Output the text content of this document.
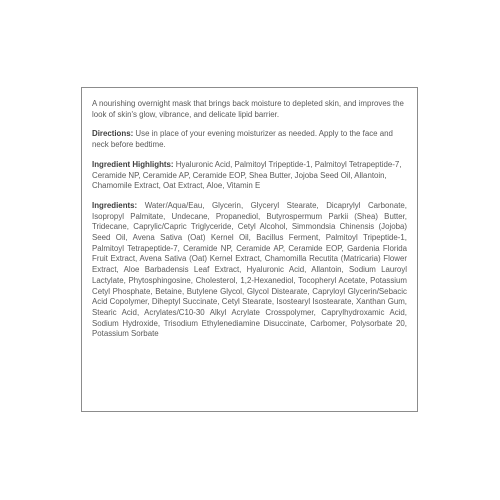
A nourishing overnight mask that brings back moisture to depleted skin, and improves the look of skin's glow, vibrance, and delicate lipid barrier.

Directions: Use in place of your evening moisturizer as needed. Apply to the face and neck before bedtime.

Ingredient Highlights: Hyaluronic Acid, Palmitoyl Tripeptide-1, Palmitoyl Tetrapeptide-7, Ceramide NP, Ceramide AP, Ceramide EOP, Shea Butter, Jojoba Seed Oil, Allantoin, Chamomile Extract, Oat Extract, Aloe, Vitamin E

Ingredients: Water/Aqua/Eau, Glycerin, Glyceryl Stearate, Dicaprylyl Carbonate, Isopropyl Palmitate, Undecane, Propanediol, Butyrospermum Parkii (Shea) Butter, Tridecane, Caprylic/Capric Triglyceride, Cetyl Alcohol, Simmondsia Chinensis (Jojoba) Seed Oil, Avena Sativa (Oat) Kernel Oil, Bacillus Ferment, Palmitoyl Tripeptide-1, Palmitoyl Tetrapeptide-7, Ceramide NP, Ceramide AP, Ceramide EOP, Gardenia Florida Fruit Extract, Avena Sativa (Oat) Kernel Extract, Chamomilla Recutita (Matricaria) Flower Extract, Aloe Barbadensis Leaf Extract, Hyaluronic Acid, Allantoin, Sodium Lauroyl Lactylate, Phytosphingosine, Cholesterol, 1,2-Hexanediol, Tocopheryl Acetate, Potassium Cetyl Phosphate, Betaine, Butylene Glycol, Glycol Distearate, Capryloyl Glycerin/Sebacic Acid Copolymer, Diheptyl Succinate, Cetyl Stearate, Isostearyl Isostearate, Xanthan Gum, Stearic Acid, Acrylates/C10-30 Alkyl Acrylate Crosspolymer, Caprylhydroxamic Acid, Sodium Hydroxide, Trisodium Ethylenediamine Disuccinate, Carbomer, Polysorbate 20, Potassium Sorbate
